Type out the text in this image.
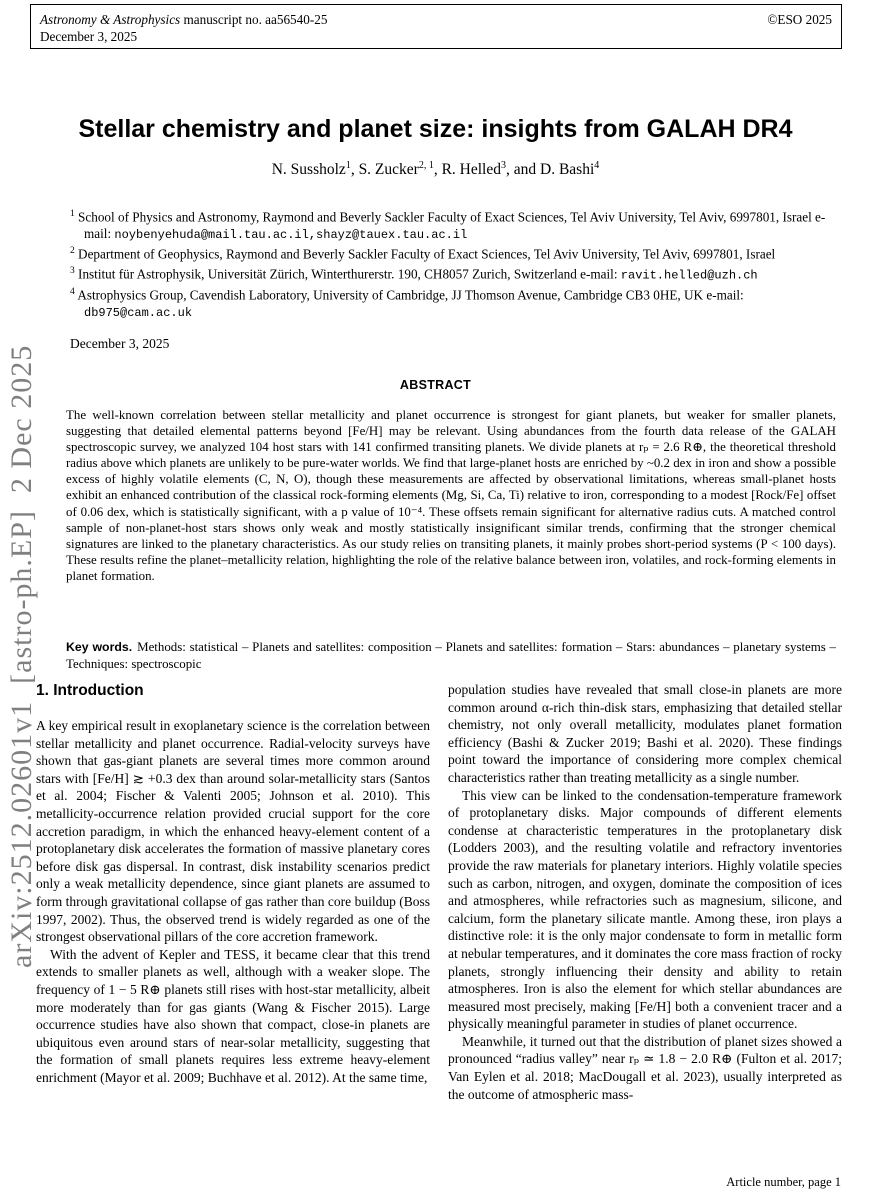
Astronomy & Astrophysics manuscript no. aa56540-25
December 3, 2025
©ESO 2025
arXiv:2512.02601v1  [astro-ph.EP]  2 Dec 2025
Stellar chemistry and planet size: insights from GALAH DR4
N. Sussholz$^1$, S. Zucker$^{2, 1}$, R. Helled$^3$, and D. Bashi$^4$
$^1$ School of Physics and Astronomy, Raymond and Beverly Sackler Faculty of Exact Sciences, Tel Aviv University, Tel Aviv, 6997801, Israel e-mail: noybenyehuda@mail.tau.ac.il,shayz@tauex.tau.ac.il
$^2$ Department of Geophysics, Raymond and Beverly Sackler Faculty of Exact Sciences, Tel Aviv University, Tel Aviv, 6997801, Israel
$^3$ Institut für Astrophysik, Universität Zürich, Winterthurerstr. 190, CH8057 Zurich, Switzerland e-mail: ravit.helled@uzh.ch
$^4$ Astrophysics Group, Cavendish Laboratory, University of Cambridge, JJ Thomson Avenue, Cambridge CB3 0HE, UK e-mail: db975@cam.ac.uk
December 3, 2025
ABSTRACT

The well-known correlation between stellar metallicity and planet occurrence is strongest for giant planets, but weaker for smaller planets, suggesting that detailed elemental patterns beyond [Fe/H] may be relevant. Using abundances from the fourth data release of the GALAH spectroscopic survey, we analyzed 104 host stars with 141 confirmed transiting planets. We divide planets at rₚ = 2.6 R⊕, the theoretical threshold radius above which planets are unlikely to be pure-water worlds. We find that large-planet hosts are enriched by ~0.2 dex in iron and show a possible excess of highly volatile elements (C, N, O), though these measurements are affected by observational limitations, whereas small-planet hosts exhibit an enhanced contribution of the classical rock-forming elements (Mg, Si, Ca, Ti) relative to iron, corresponding to a modest [Rock/Fe] offset of 0.06 dex, which is statistically significant, with a p value of 10⁻⁴. These offsets remain significant for alternative radius cuts. A matched control sample of non-planet-host stars shows only weak and mostly statistically insignificant similar trends, confirming that the stronger chemical signatures are linked to the planetary characteristics. As our study relies on transiting planets, it mainly probes short-period systems (P < 100 days). These results refine the planet–metallicity relation, highlighting the role of the relative balance between iron, volatiles, and rock-forming elements in planet formation.

Key words. Methods: statistical – Planets and satellites: composition – Planets and satellites: formation – Stars: abundances – planetary systems – Techniques: spectroscopic

1. Introduction

A key empirical result in exoplanetary science is the correlation between stellar metallicity and planet occurrence. Radial-velocity surveys have shown that gas-giant planets are several times more common around stars with [Fe/H] ≳ +0.3 dex than around solar-metallicity stars (Santos et al. 2004; Fischer & Valenti 2005; Johnson et al. 2010). This metallicity-occurrence relation provided crucial support for the core accretion paradigm, in which the enhanced heavy-element content of a protoplanetary disk accelerates the formation of massive planetary cores before disk gas dispersal. In contrast, disk instability scenarios predict only a weak metallicity dependence, since giant planets are assumed to form through gravitational collapse of gas rather than core buildup (Boss 1997, 2002). Thus, the observed trend is widely regarded as one of the strongest observational pillars of the core accretion framework.

With the advent of Kepler and TESS, it became clear that this trend extends to smaller planets as well, although with a weaker slope. The frequency of 1 − 5 R⊕ planets still rises with host-star metallicity, albeit more moderately than for gas giants (Wang & Fischer 2015). Large occurrence studies have also shown that compact, close-in planets are ubiquitous even around stars of near-solar metallicity, suggesting that the formation of small planets requires less extreme heavy-element enrichment (Mayor et al. 2009; Buchhave et al. 2012). At the same time,

population studies have revealed that small close-in planets are more common around α-rich thin-disk stars, emphasizing that detailed stellar chemistry, not only overall metallicity, modulates planet formation efficiency (Bashi & Zucker 2019; Bashi et al. 2020). These findings point toward the importance of considering more complex chemical characteristics rather than treating metallicity as a single number.

This view can be linked to the condensation-temperature framework of protoplanetary disks. Major compounds of different elements condense at characteristic temperatures in the protoplanetary disk (Lodders 2003), and the resulting volatile and refractory inventories provide the raw materials for planetary interiors. Highly volatile species such as carbon, nitrogen, and oxygen, dominate the composition of ices and atmospheres, while refractories such as magnesium, silicone, and calcium, form the planetary silicate mantle. Among these, iron plays a distinctive role: it is the only major condensate to form in metallic form at nebular temperatures, and it dominates the core mass fraction of rocky planets, strongly influencing their density and ability to retain atmospheres. Iron is also the element for which stellar abundances are measured most precisely, making [Fe/H] both a convenient tracer and a physically meaningful parameter in studies of planet occurrence.

Meanwhile, it turned out that the distribution of planet sizes showed a pronounced “radius valley” near rₚ ≃ 1.8 − 2.0 R⊕ (Fulton et al. 2017; Van Eylen et al. 2018; MacDougall et al. 2023), usually interpreted as the outcome of atmospheric mass-

Article number, page 1
